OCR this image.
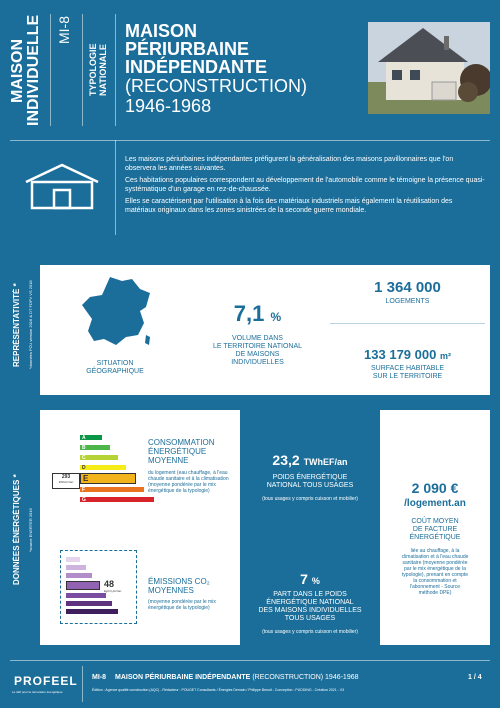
MAISON INDIVIDUELLE MI-8
TYPOLOGIE NATIONALE
MAISON
PÉRIURBAINE
INDÉPENDANTE
(RECONSTRUCTION)
1946-1968

Les maisons périurbaines indépendantes préfigurent la généralisation des maisons pavillonnaires que l'on observera les années suivantes.

Ces habitations populaires correspondent au développement de l'automobile comme le témoigne la présence quasi-systématique d'un garage en rez-de-chaussée.

Elles se caractérisent par l'utilisation à la fois des matériaux industriels mais également la réutilisation des matériaux originaux dans les zones sinistrées de la seconde guerre mondiale.

REPRÉSENTATIVITÉ * *données FCU version 2016 & DT FDPV VS 2018	SITUATION
GÉOGRAPHIQUE
7,1 %
VOLUME DANS
LE TERRITOIRE NATIONAL
DE MAISONS
INDIVIDUELLES
1 364 000
LOGEMENTS
133 179 000 m²
SURFACE HABITABLE
SUR LE TERRITOIRE
DONNÉES ÉNERGÉTIQUES * *source ENERTER 2016
A
B
C
D
E
F
G
293
kWh/m²/an
CONSOMMATION
ÉNERGÉTIQUE
MOYENNE
du logement (eau chauffage, à l'eau chaude sanitaire et à la climatisation (moyenne pondérée par le mix énergétique de la typologie)
48
kgCO₂/m²/an
ÉMISSIONS CO₂
MOYENNES
(moyenne pondérée par le mix énergétique de la typologie)
23,2 TWhEF/an
POIDS ÉNERGÉTIQUE
NATIONAL TOUS USAGES
(tous usages y compris cuisson et mobilier)
7 %
PART DANS LE POIDS
ÉNERGÉTIQUE NATIONAL
DES MAISONS INDIVIDUELLES
TOUS USAGES
(tous usages y compris cuisson et mobilier)
2 090 €
/logement.an
COÛT MOYEN
DE FACTURE
ÉNERGÉTIQUE
liée au chauffage, à la climatisation et à l'eau chaude sanitaire (moyenne pondérée par le mix énergétique de la typologie), prenant en compte la consommation et l'abonnement - Source méthode DPE)
PROFEEL
Le défi pour la rénovation énergétique
MI-8 MAISON PÉRIURBAINE INDÉPENDANTE (RECONSTRUCTION) 1946-1968	1 / 4
Édition : Agence qualité construction (AQC) - Rédacteur : POUGET Consultants / Énergies Demain / Philippe Benoit - Conception : PUDDING - Création 2021 - V3
